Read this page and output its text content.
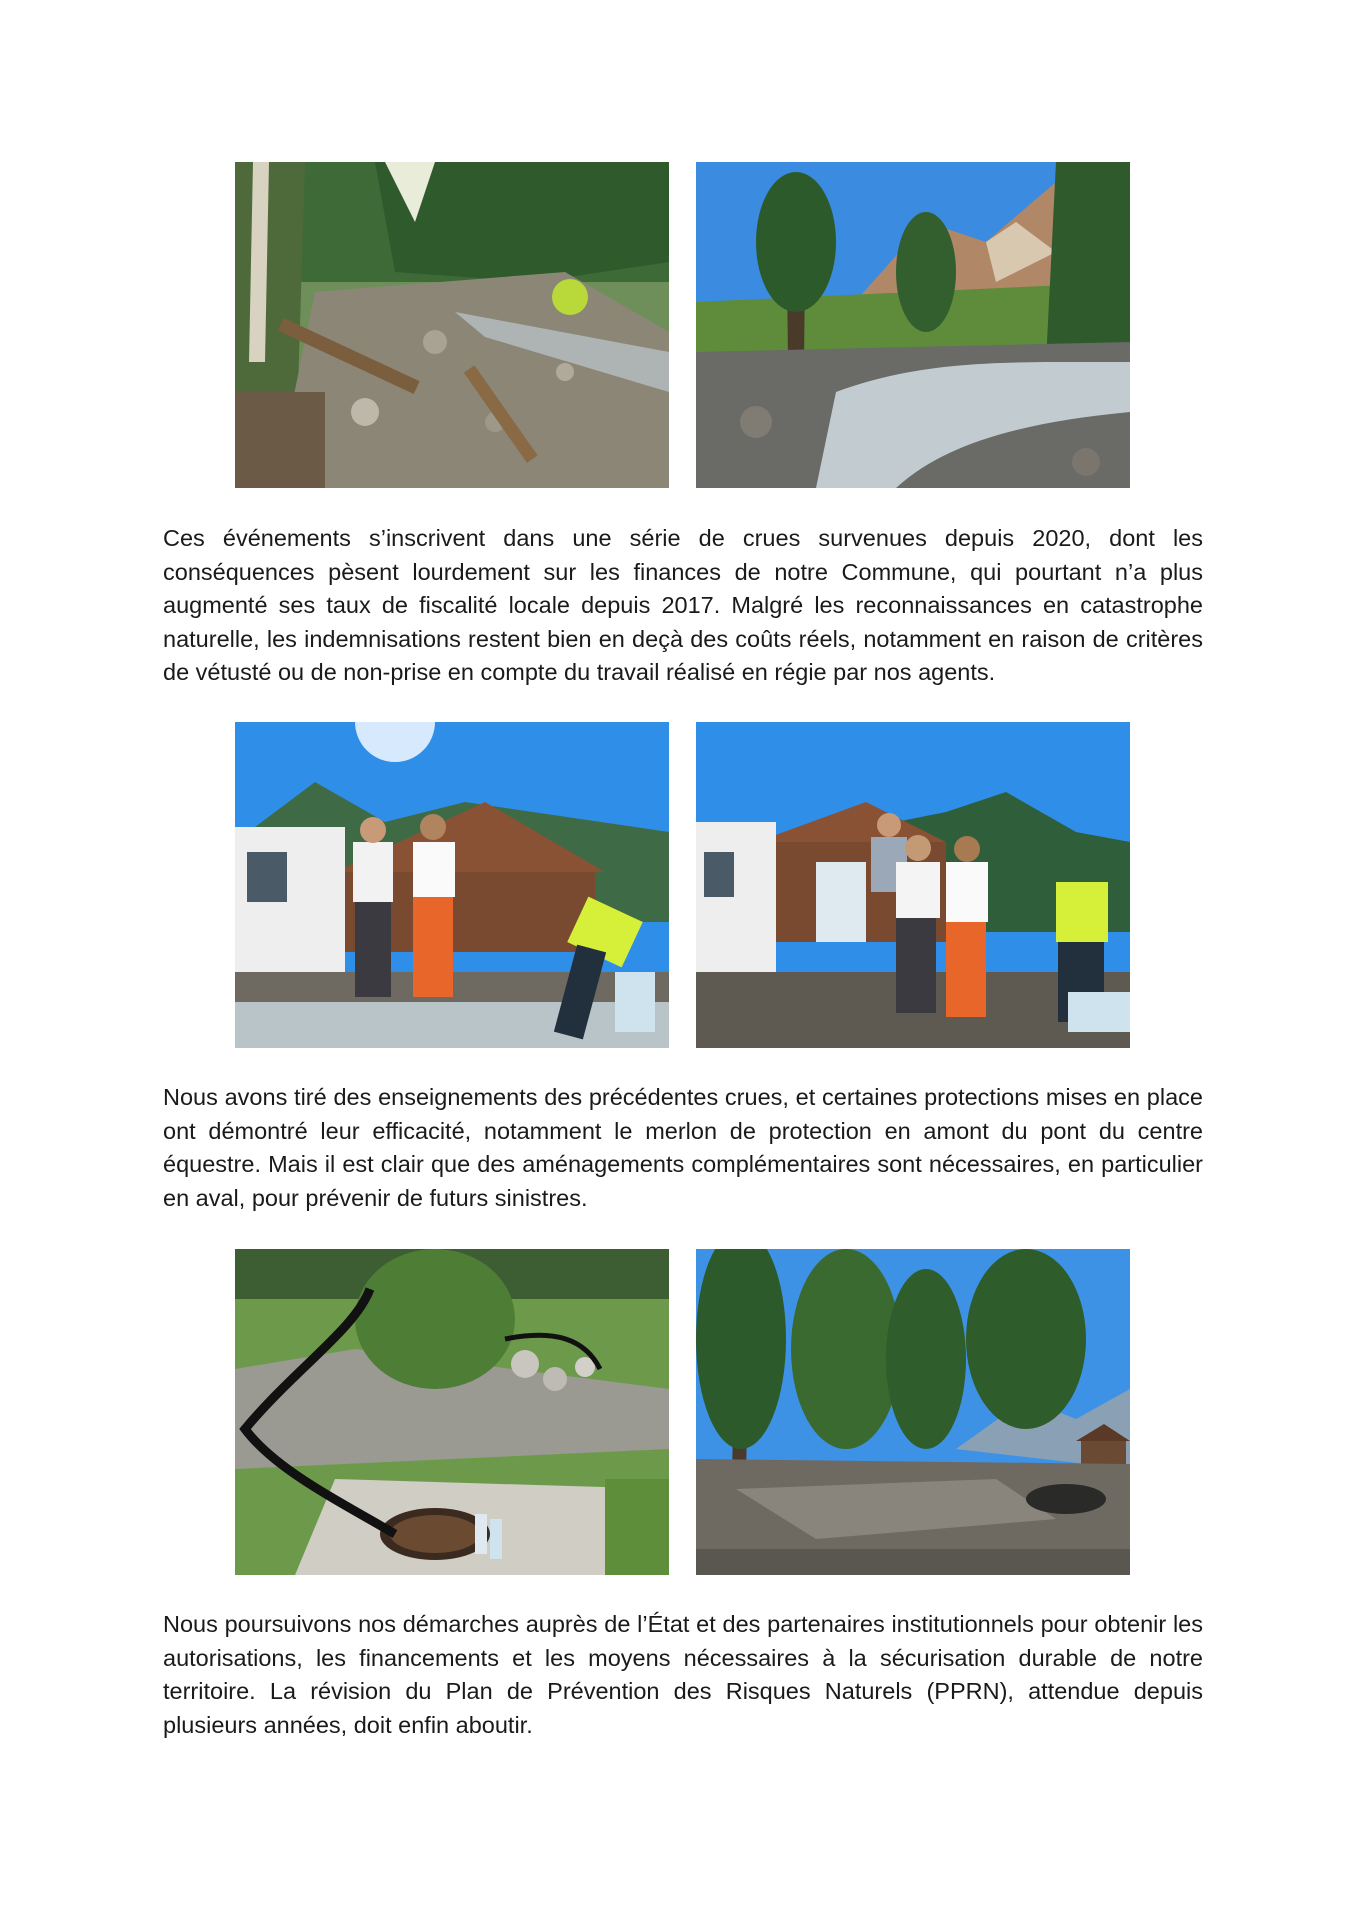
Ces événements s’inscrivent dans une série de crues survenues depuis 2020, dont les conséquences pèsent lourdement sur les finances de notre Commune, qui pourtant n’a plus augmenté ses taux de fiscalité locale depuis 2017. Malgré les reconnaissances en catastrophe naturelle, les indemnisations restent bien en deçà des coûts réels, notamment en raison de critères de vétusté ou de non-prise en compte du travail réalisé en régie par nos agents.

Nous avons tiré des enseignements des précédentes crues, et certaines protections mises en place ont démontré leur efficacité, notamment le merlon de protection en amont du pont du centre équestre. Mais il est clair que des aménagements complémentaires sont nécessaires, en particulier en aval, pour prévenir de futurs sinistres.

Nous poursuivons nos démarches auprès de l’État et des partenaires institutionnels pour obtenir les autorisations, les financements et les moyens nécessaires à la sécurisation durable de notre territoire. La révision du Plan de Prévention des Risques Naturels (PPRN), attendue depuis plusieurs années, doit enfin aboutir.
